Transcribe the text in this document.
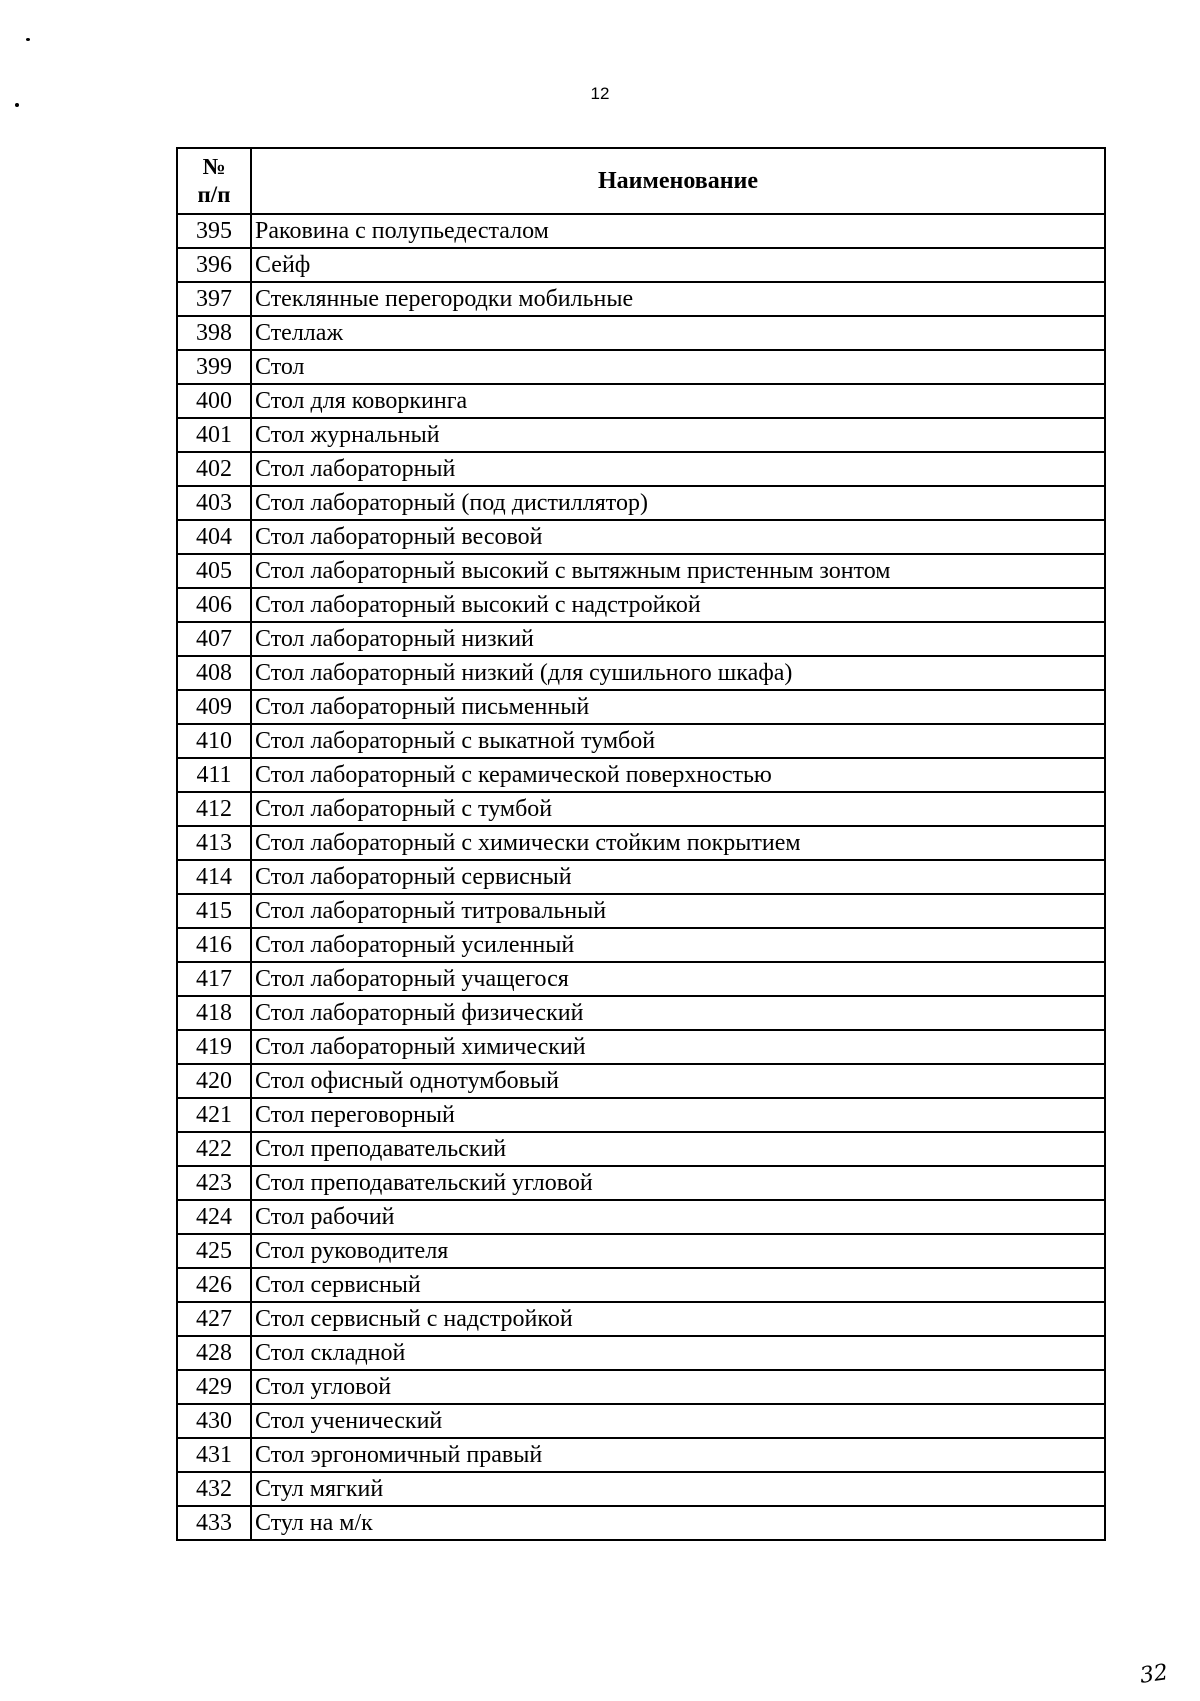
12
№
п/п	Наименование
395	Раковина с полупьедесталом
396	Сейф
397	Стеклянные перегородки мобильные
398	Стеллаж
399	Стол
400	Стол для коворкинга
401	Стол журнальный
402	Стол лабораторный
403	Стол лабораторный (под дистиллятор)
404	Стол лабораторный весовой
405	Стол лабораторный высокий с вытяжным пристенным зонтом
406	Стол лабораторный высокий с надстройкой
407	Стол лабораторный низкий
408	Стол лабораторный низкий (для сушильного шкафа)
409	Стол лабораторный письменный
410	Стол лабораторный с выкатной тумбой
411	Стол лабораторный с керамической поверхностью
412	Стол лабораторный с тумбой
413	Стол лабораторный с химически стойким покрытием
414	Стол лабораторный сервисный
415	Стол лабораторный титровальный
416	Стол лабораторный усиленный
417	Стол лабораторный учащегося
418	Стол лабораторный физический
419	Стол лабораторный химический
420	Стол офисный однотумбовый
421	Стол переговорный
422	Стол преподавательский
423	Стол преподавательский угловой
424	Стол рабочий
425	Стол руководителя
426	Стол сервисный
427	Стол сервисный с надстройкой
428	Стол складной
429	Стол угловой
430	Стол ученический
431	Стол эргономичный правый
432	Стул мягкий
433	Стул на м/к
32
